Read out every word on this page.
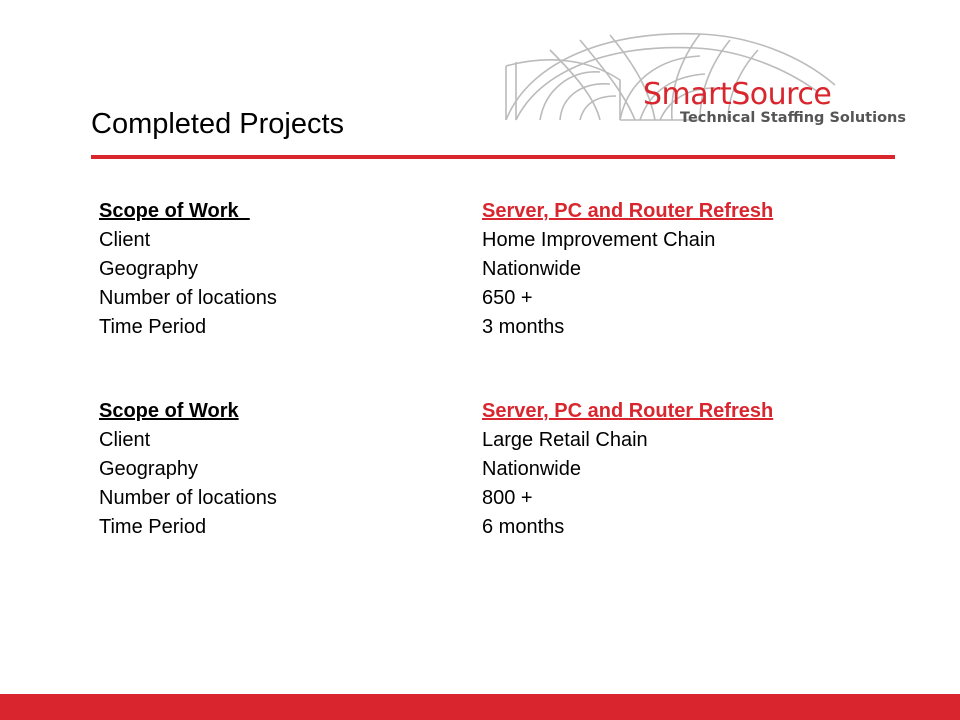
SmartSource
Technical Staffing Solutions
Completed Projects
Scope of Work	Server, PC and Router Refresh
Client	Home Improvement Chain
Geography	Nationwide
Number of locations	650 +
Time Period	3 months
Scope of Work	Server, PC and Router Refresh
Client	Large Retail Chain
Geography	Nationwide
Number of locations	800 +
Time Period	6 months
